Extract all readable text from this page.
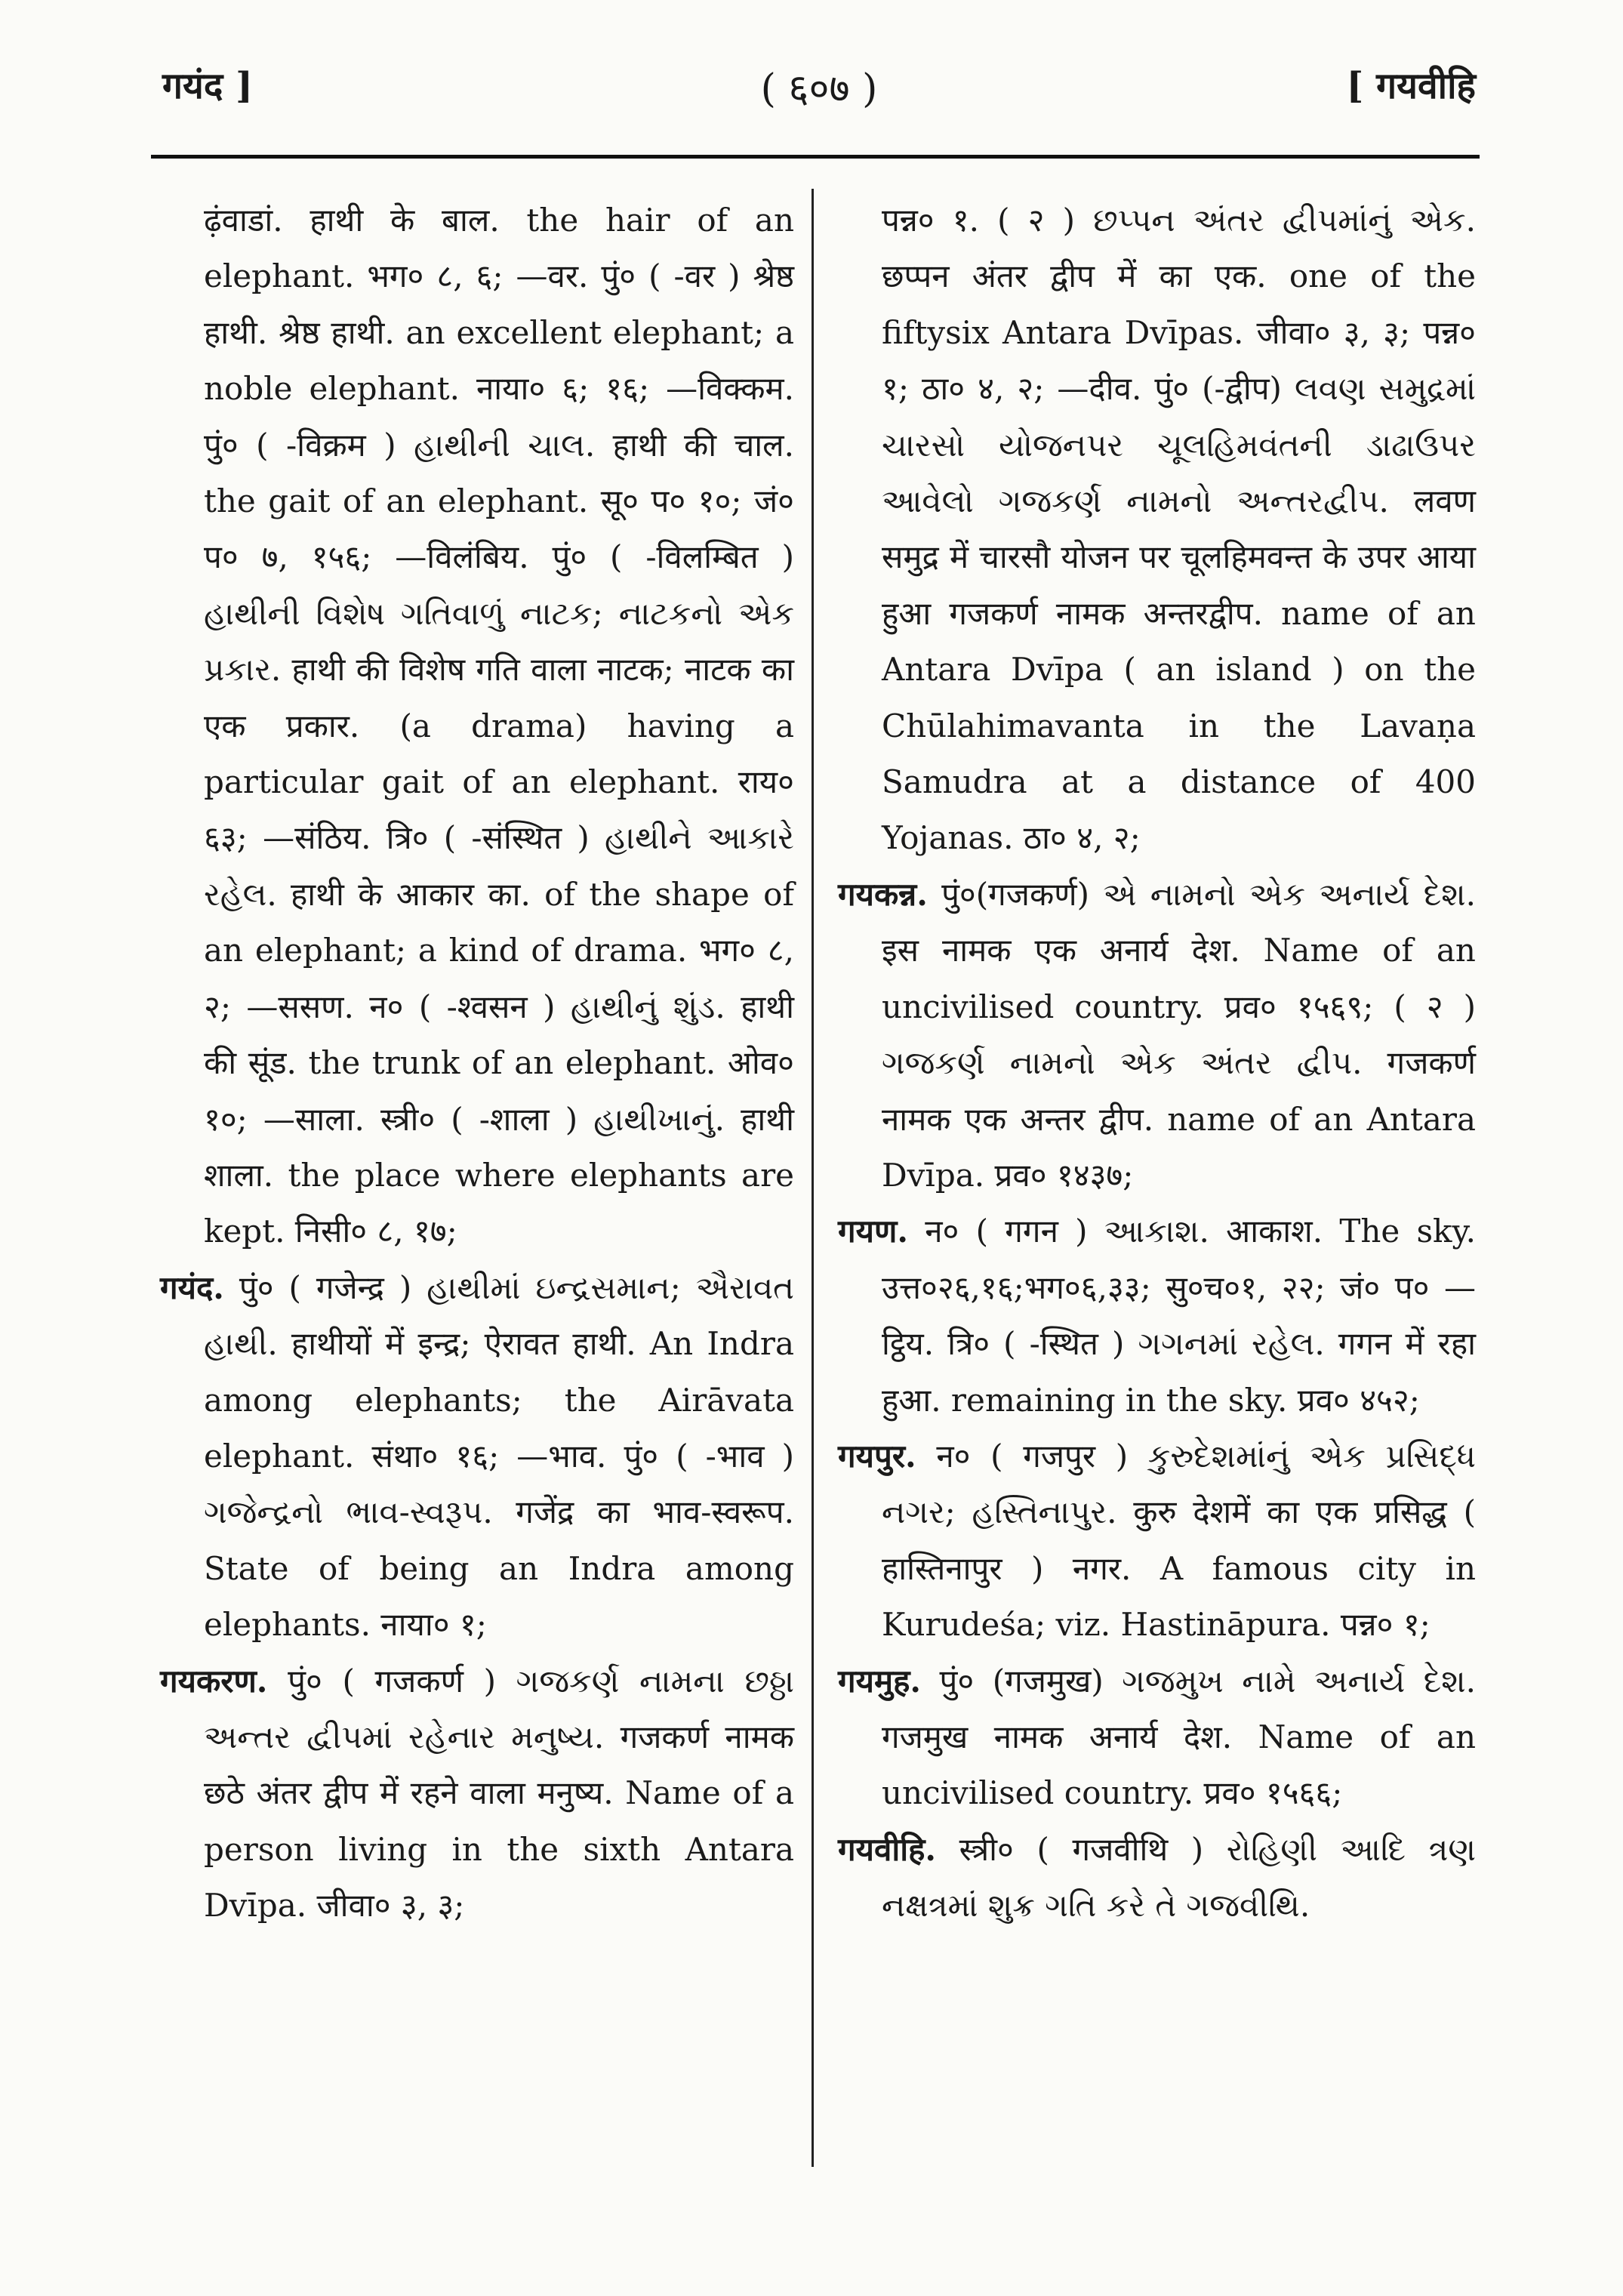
गयंद ]	( ६०७ )	[ गयवीहि

ढ़ंवाडां. हाथी के बाल. the hair of an elephant. भग० ८, ६; —वर. पुं० ( -वर ) श्रेष्ठ हाथी. श्रेष्ठ हाथी. an excellent elephant; a noble elephant. नाया० ६; १६; —विक्कम. पुं० ( -विक्रम ) હાથીની ચાલ. हाथी की चाल. the gait of an elephant. सू० प० १०; जं० प० ७, १५६; —विलंबिय. पुं० ( -विलम्बित ) હાથીની વિશેષ ગતિવાળું નાટક; નાટકનો એક પ્રકાર. हाथी की विशेष गति वाला नाटक; नाटक का एक प्रकार. (a drama) having a particular gait of an elephant. राय० ६३; —संठिय. त्रि० ( -संस्थित ) હાથીને આકારે રહેલ. हाथी के आकार का. of the shape of an elephant; a kind of drama. भग० ८, २; —ससण. न० ( -श्वसन ) હાથીનું શુંડ. हाथी की सूंड. the trunk of an elephant. ओव० १०; —साला. स्त्री० ( -शाला ) હાથીખાનું. हाथी शाला. the place where elephants are kept. निसी० ८, १७;

गयंद. पुं० ( गजेन्द्र ) હાથીમાં ઇન્દ્રસમાન; ઐરાવત હાથી. हाथीयों में इन्द्र; ऐरावत हाथी. An Indra among elephants; the Airāvata elephant. संथा० १६; —भाव. पुं० ( -भाव ) ગજેન્દ્રનો ભાવ-સ્વરૂપ. गजेंद्र का भाव-स्वरूप. State of being an Indra among elephants. नाया० १;

गयकरण. पुं० ( गजकर्ण ) ગજકર્ણ નામના છઠ્ઠા અન્તર દ્વીપમાં રહેનાર મનુષ્ય. गजकर्ण नामक छठे अंतर द्वीप में रहने वाला मनुष्य. Name of a person living in the sixth Antara Dvīpa. जीवा० ३, ३;

पन्न० १. ( २ ) છપ્પન અંતર દ્વીપમાંનું એક. छप्पन अंतर द्वीप में का एक. one of the fiftysix Antara Dvīpas. जीवा० ३, ३; पन्न० १; ठा० ४, २; —दीव. पुं० (-द्वीप) લવણ સમુદ્રમાં ચારસો યોજનપર ચૂલહિમવંતની ડાઢાઉપર આવેલો ગજકર્ણ નામનો અન્તરદ્વીપ. लवण समुद्र में चारसौ योजन पर चूलहिमवन्त के उपर आया हुआ गजकर्ण नामक अन्तरद्वीप. name of an Antara Dvīpa ( an island ) on the Chūlahimavanta in the Lavaṇa Samudra at a distance of 400 Yojanas. ठा० ४, २;

गयकन्न. पुं०(गजकर्ण) એ નામનો એક અનાર્ય દેશ. इस नामक एक अनार्य देश. Name of an uncivilised country. प्रव० १५६९; ( २ ) ગજકર્ણ નામનો એક અંતર દ્વીપ. गजकर्ण नामक एक अन्तर द्वीप. name of an Antara Dvīpa. प्रव० १४३७;

गयण. न० ( गगन ) આકાશ. आकाश. The sky. उत्त०२६,१६;भग०६,३३; सु०च०१, २२; जं० प० —ट्ठिय. त्रि० ( -स्थित ) ગગનમાં રહેલ. गगन में रहा हुआ. remaining in the sky. प्रव० ४५२;

गयपुर. न० ( गजपुर ) કુરુદેશમાંનું એક પ્રસિદ્ધ નગર; હસ્તિનાપુર. कुरु देशमें का एक प्रसिद्ध ( हास्तिनापुर ) नगर. A famous city in Kurudeśa; viz. Hastināpura. पन्न० १;

गयमुह. पुं० (गजमुख) ગજમુખ નામે અનાર્ય દેશ. गजमुख नामक अनार्य देश. Name of an uncivilised country. प्रव० १५६६;

गयवीहि. स्त्री० ( गजवीथि ) રોહિણી આદિ ત્રણ નક્ષત્રમાં શુક્ર ગતિ કરે તે ગજવીથિ.
